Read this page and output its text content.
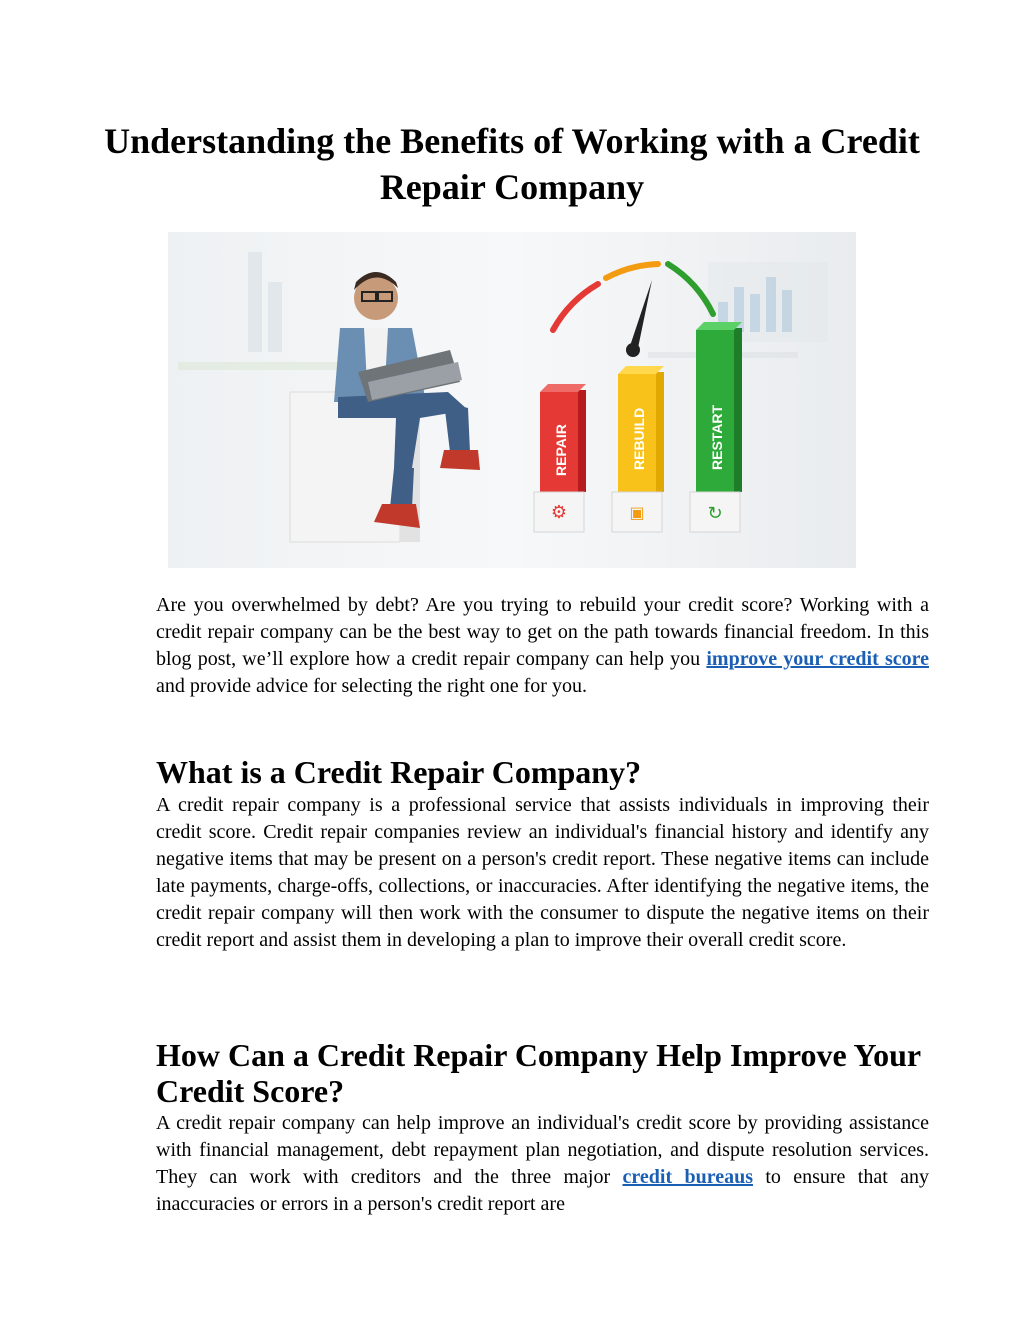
Understanding the Benefits of Working with a Credit Repair Company
REPAIR
⚙
REBUILD
▣
RESTART
↻

Are you overwhelmed by debt? Are you trying to rebuild your credit score? Working with a credit repair company can be the best way to get on the path towards financial freedom. In this blog post, we’ll explore how a credit repair company can help you improve your credit score and provide advice for selecting the right one for you.

What is a Credit Repair Company?

A credit repair company is a professional service that assists individuals in improving their credit score. Credit repair companies review an individual's financial history and identify any negative items that may be present on a person's credit report. These negative items can include late payments, charge-offs, collections, or inaccuracies. After identifying the negative items, the credit repair company will then work with the consumer to dispute the negative items on their credit report and assist them in developing a plan to improve their overall credit score.

How Can a Credit Repair Company Help Improve Your Credit Score?

A credit repair company can help improve an individual's credit score by providing assistance with financial management, debt repayment plan negotiation, and dispute resolution services. They can work with creditors and the three major credit bureaus to ensure that any inaccuracies or errors in a person's credit report are
